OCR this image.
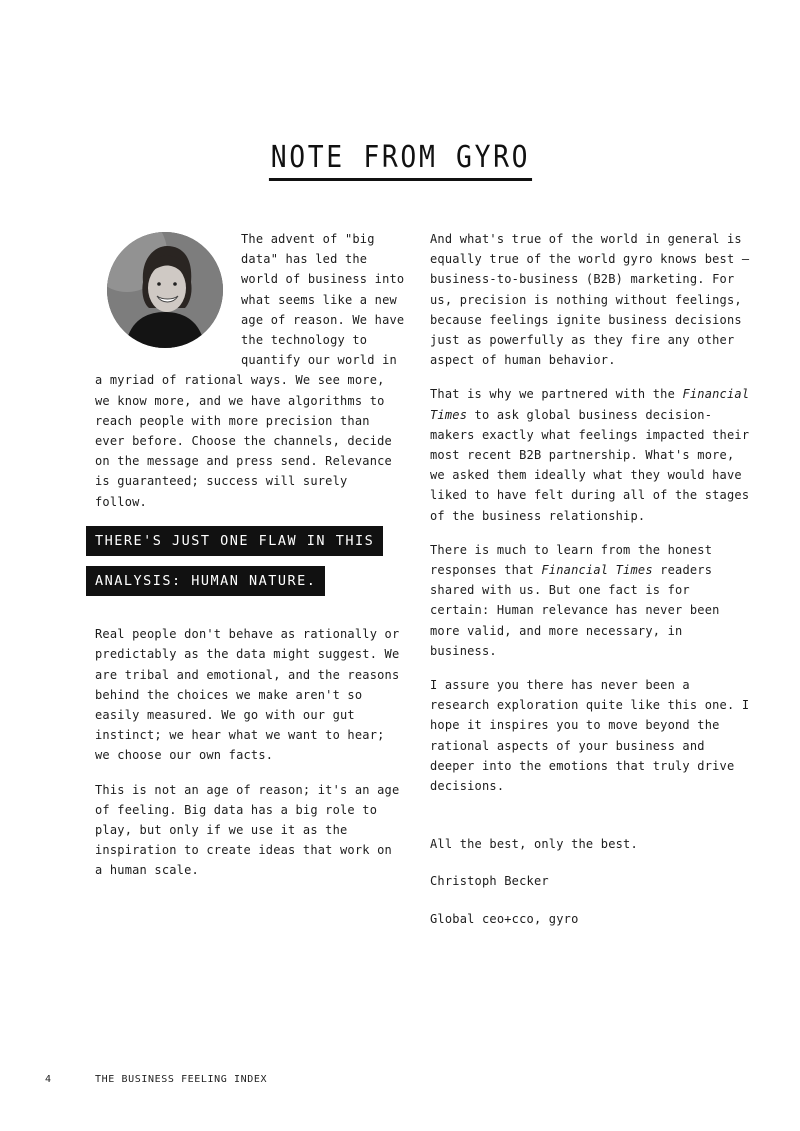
NOTE FROM GYRO

The advent of "big data" has led the world of business into what seems like a new age of reason. We have the technology to quantify our world in a myriad of rational ways. We see more, we know more, and we have algorithms to reach people with more precision than ever before. Choose the channels, decide on the message and press send. Relevance is guaranteed; success will surely follow.

THERE'S JUST ONE FLAW IN THIS
ANALYSIS: HUMAN NATURE.

Real people don't behave as rationally or predictably as the data might suggest. We are tribal and emotional, and the reasons behind the choices we make aren't so easily measured. We go with our gut instinct; we hear what we want to hear; we choose our own facts.

This is not an age of reason; it's an age of feeling. Big data has a big role to play, but only if we use it as the inspiration to create ideas that work on a human scale.

And what's true of the world in general is equally true of the world gyro knows best – business-to-business (B2B) marketing. For us, precision is nothing without feelings, because feelings ignite business decisions just as powerfully as they fire any other aspect of human behavior.

That is why we partnered with the Financial Times to ask global business decision-makers exactly what feelings impacted their most recent B2B partnership. What's more, we asked them ideally what they would have liked to have felt during all of the stages of the business relationship.

There is much to learn from the honest responses that Financial Times readers shared with us. But one fact is for certain: Human relevance has never been more valid, and more necessary, in business.

I assure you there has never been a research exploration quite like this one. I hope it inspires you to move beyond the rational aspects of your business and deeper into the emotions that truly drive decisions.

All the best, only the best.

Christoph Becker

Global ceo+cco, gyro

4	THE BUSINESS FEELING INDEX
